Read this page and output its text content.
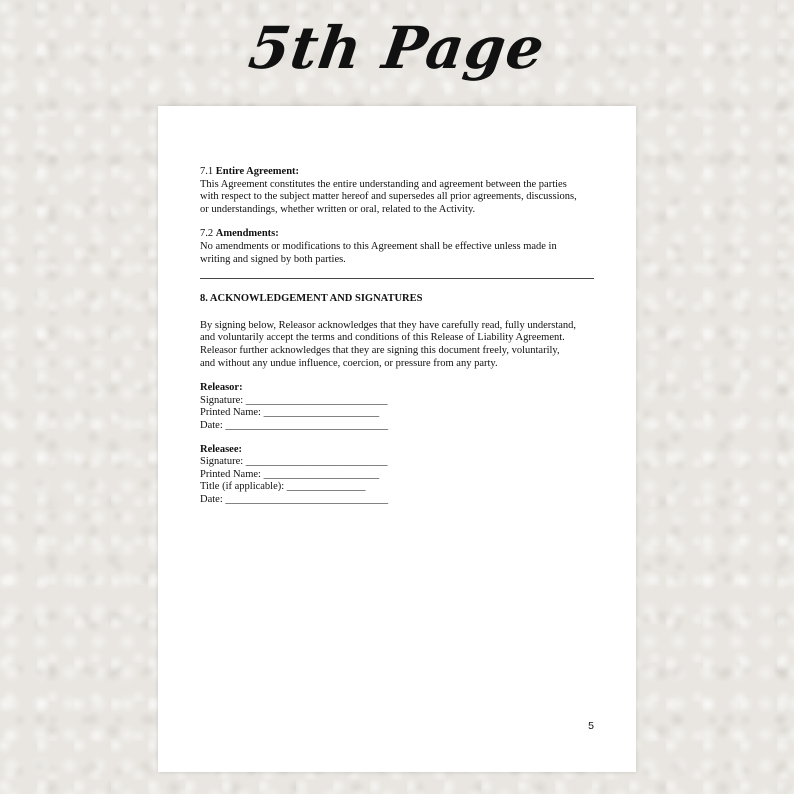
5th Page
7.1 Entire Agreement:
This Agreement constitutes the entire understanding and agreement between the parties
with respect to the subject matter hereof and supersedes all prior agreements, discussions,
or understandings, whether written or oral, related to the Activity.
7.2 Amendments:
No amendments or modifications to this Agreement shall be effective unless made in
writing and signed by both parties.
8. ACKNOWLEDGEMENT AND SIGNATURES
By signing below, Releasor acknowledges that they have carefully read, fully understand,
and voluntarily accept the terms and conditions of this Release of Liability Agreement.
Releasor further acknowledges that they are signing this document freely, voluntarily,
and without any undue influence, coercion, or pressure from any party.
Releasor:
Signature: ___________________________
Printed Name: ______________________
Date: _______________________________
Releasee:
Signature: ___________________________
Printed Name: ______________________
Title (if applicable): _______________
Date: _______________________________
5
